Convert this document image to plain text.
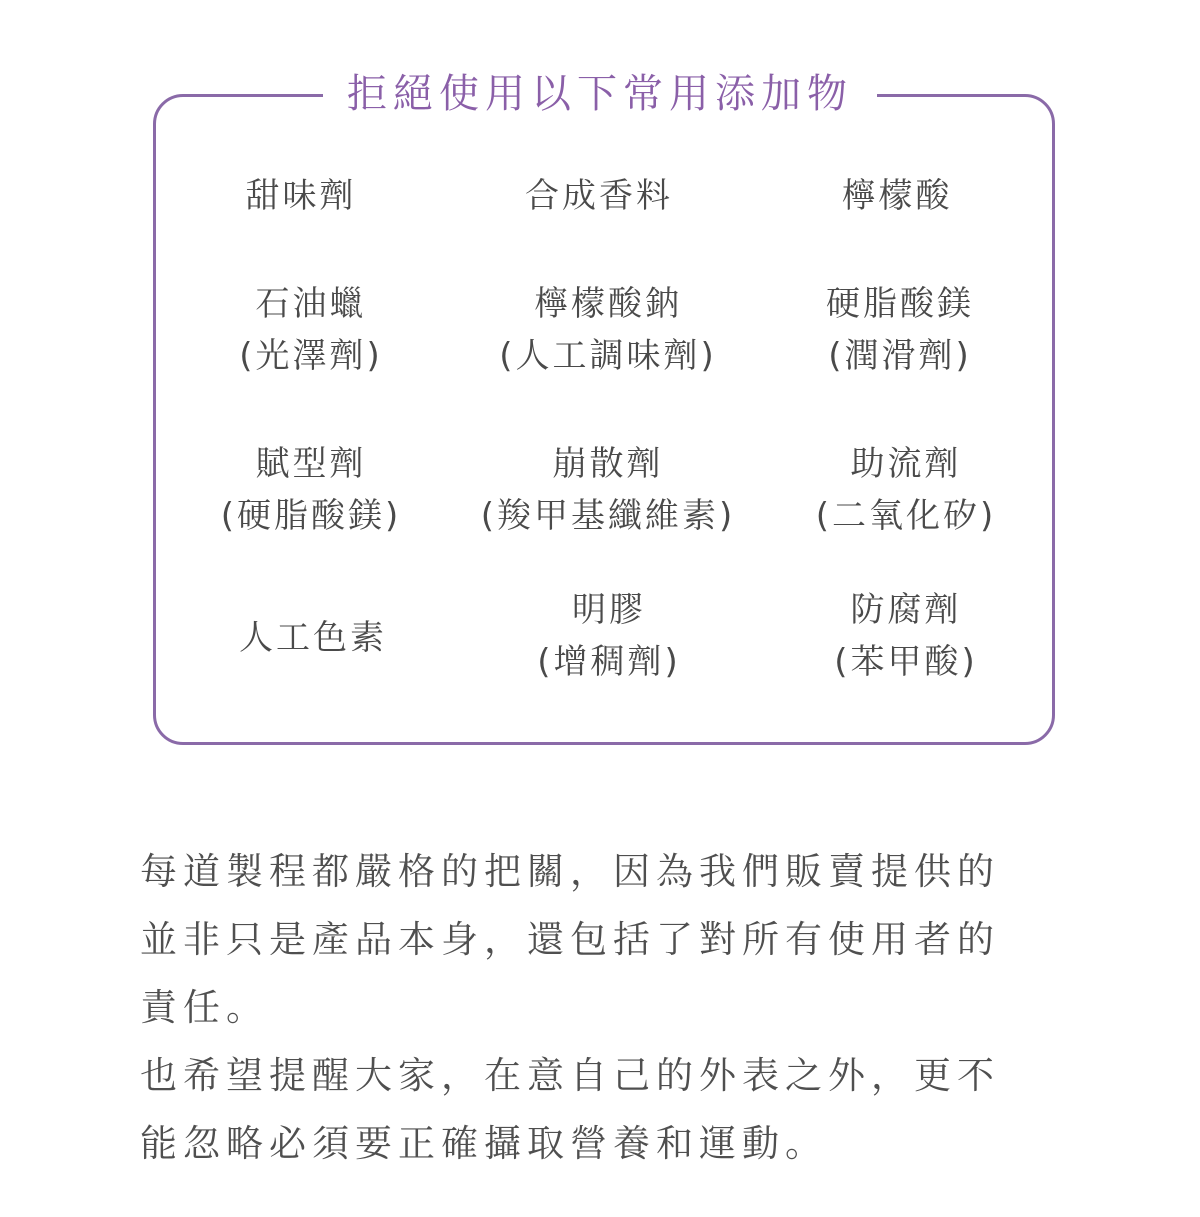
拒絕使用以下常用添加物
甜味劑	合成香料	檸檬酸
石油蠟
(光澤劑)
檸檬酸鈉
(人工調味劑)
硬脂酸鎂
(潤滑劑)
賦型劑
(硬脂酸鎂)
崩散劑
(羧甲基纖維素)
助流劑
(二氧化矽)
人工色素
明膠
(增稠劑)
防腐劑
(苯甲酸)
每道製程都嚴格的把關，因為我們販賣提供的
並非只是產品本身，還包括了對所有使用者的
責任。
也希望提醒大家，在意自己的外表之外，更不
能忽略必須要正確攝取營養和運動。
